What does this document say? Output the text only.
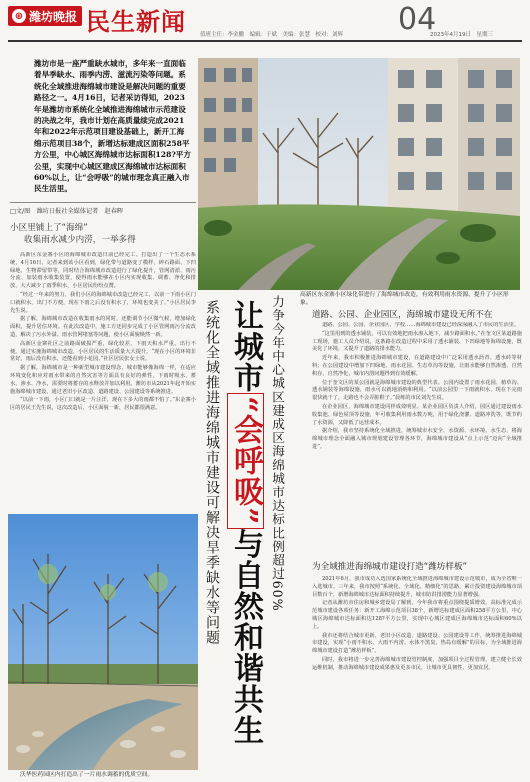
⊕ 潍坊晚报 民生新闻	04
值班主任：李金鹏　编辑：于斌　美编：张慧　校对：刘辉	2023年4月19日　星期三
潍坊市是一座严重缺水城市，多年来一直面临着旱季缺水、雨季内涝、滋流污染等问题。系统化全域推进海绵城市建设是解决问题的重要路径之一。4月16日，记者采访得知，2023年是潍坊市系统化全域推进海绵城市示范建设的决战之年，我市计划在高质量续完成2021年和2022年示范项目建设基础上，新开工海绵示范项目38个，新增达标建成区面积258平方公里，中心城区海绵城市达标面积128?平方公里，实现中心城区建成区海绵城市达标面积60%以上，让“会呼吸”的城市理念真正融入市民生活里。
□文/图　潍坊日报社全媒体记者　赵春晖
小区里铺上了“海绵”
收集雨水减少内涝，一举多得

高新区东金寨小区的海绵城市改造日前已经完工。打造出了一个生态水系统，4月16日，记者来到该小区看到，绿化带与道路变了模样，碎石路面、下凹绿地、生物滞留带等，同时结合海绵城市改造进行了绿化提升，管网清淤、雨污分流、加装雨水收集装置，使得雨水能够在小区内实现收集、调蓄、净化和排放，大大减少了雨季积水，小区居民纷纷点赞。

“经过一年来的努力，我们小区的海绵城市改造已经完工，以前一下雨小区门口就积水，出门不方便，现在下雨之后没有积水了，环境也变美了。”小区居民李先生说。

据了解，海绵城市改造在收集雨水的同时，还能调节小区微气候，增加绿化面积，提升居住环境。在此次改造中，施工方还同步完成了小区管网雨污分流改造，解决了污水外溢、雨水管网堵塞等问题，使小区面貌焕然一新。

高新区金寨社区之前路面破损严重，绿化较差，下雨天积水严重，出行不便。通过实施海绵城市改造，小区居民的生活质量大大提升。“现在小区的环境非常好，雨后没有积水，还能看到小花园。”社区居民张女士说。

据了解，海绵城市是一种新型城市建设理念，城市能够像海绵一样，在适应环境变化和应对雨水带来的自然灾害等方面具有良好的弹性，下雨时吸水、蓄水、渗水、净水，需要时将蓄存的水释放并加以利用。潍坊市从2021年起开始实施海绵城市建设，通过老旧小区改造、道路建设、公园建设等系统推进。

“以前一下雨，小区门口就是一片汪洋，现在下多大的雨都不怕了。”东金寨小区的居民王先生说，这次改造后，小区面貌一新，居民都很满意。

高新区东金寨小区绿化带进行了海绵城市改造，有效利用雨水资源，提升了小区形象。
力争今年中心城区建成区海绵城市达标比例超过60%
让城市“会呼吸”与自然和谐共生
系统化全域推进海绵城市建设可解决旱季缺水等问题	道路、公园、企业园区，海绵城市建设无所不在

道路、公园、公园、企业园区，学校……海绵城市建设已经深深融入了市民的生活里。

“这里用到的透水铺装，可以有效地把雨水渗入地下，减少路面积水。”在奎文区某道路施工现场，施工人员介绍说，这条路在改造过程中采用了透水铺装、下凹绿地等海绵设施，既美化了环境，又提升了道路的排水能力。

近年来，我市积极推进海绵城市建设，在道路建设中广泛采用透水沥青、透水砖等材料；在公园建设中增加下凹绿地、雨水花园、生态草沟等设施，让雨水能够自然渗透、自然积存、自然净化，城市内涝问题得到有效缓解。

位于奎文区的某公园就是海绵城市建设的典型代表。公园内设置了雨水花园、植草沟、透水铺装等海绵设施，雨水可以就地消纳和利用。“以前公园里一下雨就积水，现在下完雨很快就干了，走路也不会弄脏鞋子。”晨练的市民刘先生说。

在企业园区，海绵城市建设同样成效明显。某企业园区负责人介绍，园区通过建设雨水收集池、绿色屋顶等设施，年可收集利用雨水数万吨，用于绿化浇灌、道路冲洗等，既节约了水资源，又降低了运营成本。

据介绍，我市坚持系统化全域推进，统筹城市水安全、水资源、水环境、水生态，将海绵城市理念全面融入城市规划建设管理各环节，海绵城市建设从“点上示范”迈向“全域推进”。

为全域推进海绵城市建设打造“潍坊样板”

2021年6月，我市成功入选国家系统化全域推进海绵城市建设示范城市，成为全省唯一入选城市。三年来，我市按照“系统化、全域化、精细化”的思路，累计投资建设海绵城市项目数百个，新增海绵城市达标面积持续提升，城市防洪排涝能力显著增强。

记者从潍坊市住房和城乡建设局了解到，今年我市将重点围绕提质增效，高标准完成示范城市建设各项任务：新开工海绵示范项目38个，新增达标建成区面积258平方公里，中心城区海绵城市达标面积达128?平方公里，实现中心城区建成区海绵城市达标面积60%以上。

我市还将结合城市更新、老旧小区改造、道路建设、公园建设等工作，统筹推进海绵城市建设，实现“小雨不积水、大雨不内涝、水体不黑臭、热岛有缓解”的目标，为全域推进海绵城市建设打造“潍坊样板”。

同时，我市将进一步完善海绵城市建设管控制度，加强项目全过程管理，建立健全长效运维机制，推动海绵城市建设成果惠及更多市民，让城市更具韧性、更加宜居。

沃华医药园区内打造出了一片雨水调蓄的优质空间。
